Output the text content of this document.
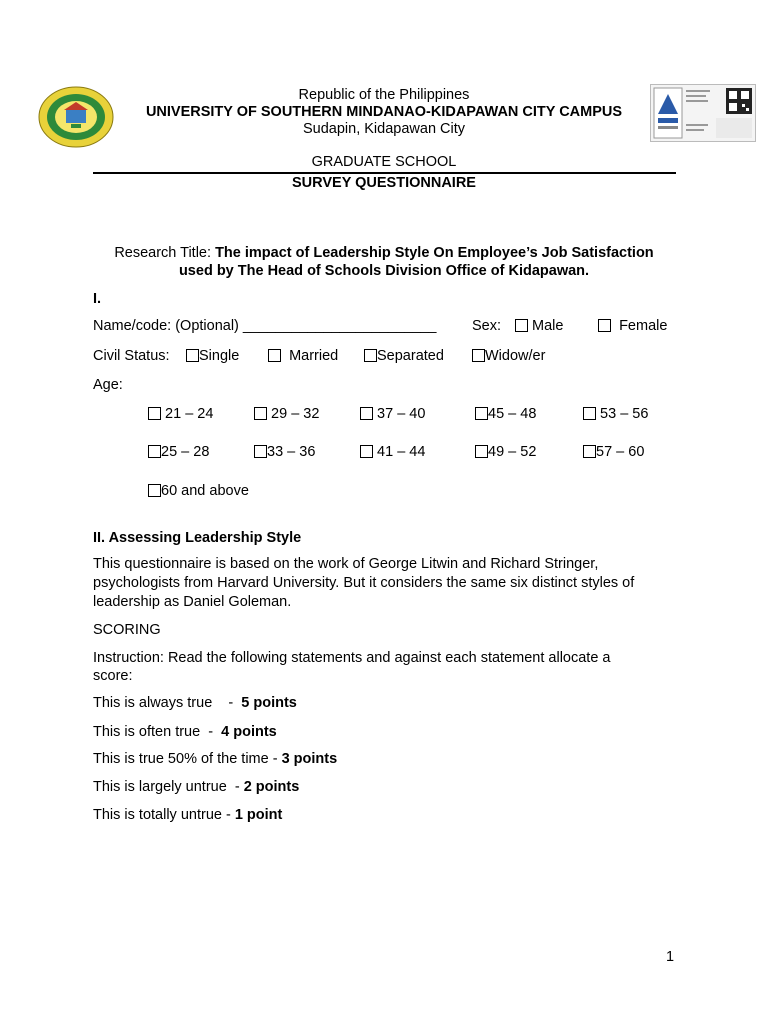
Republic of the Philippines
UNIVERSITY OF SOUTHERN MINDANAO-KIDAPAWAN CITY CAMPUS
Sudapin, Kidapawan City
GRADUATE SCHOOL
SURVEY QUESTIONNAIRE
Research Title: The impact of Leadership Style On Employee’s Job Satisfaction
used by The Head of Schools Division Office of Kidapawan.
I.
Name/code: (Optional) ________________________ Sex:	Male	Female
Civil Status:	Single	Married	Separated	Widow/er
Age:
21 – 24	29 – 32	37 – 40	45 – 48	53 – 56
25 – 28	33 – 36	41 – 44	49 – 52	57 – 60
60 and above
II. Assessing Leadership Style
This questionnaire is based on the work of George Litwin and Richard Stringer,
psychologists from Harvard University. But it considers the same six distinct styles of
leadership as Daniel Goleman.
SCORING
Instruction: Read the following statements and against each statement allocate a
score:
This is always true    -  5 points
This is often true  -  4 points
This is true 50% of the time - 3 points
This is largely untrue  - 2 points
This is totally untrue - 1 point
1
